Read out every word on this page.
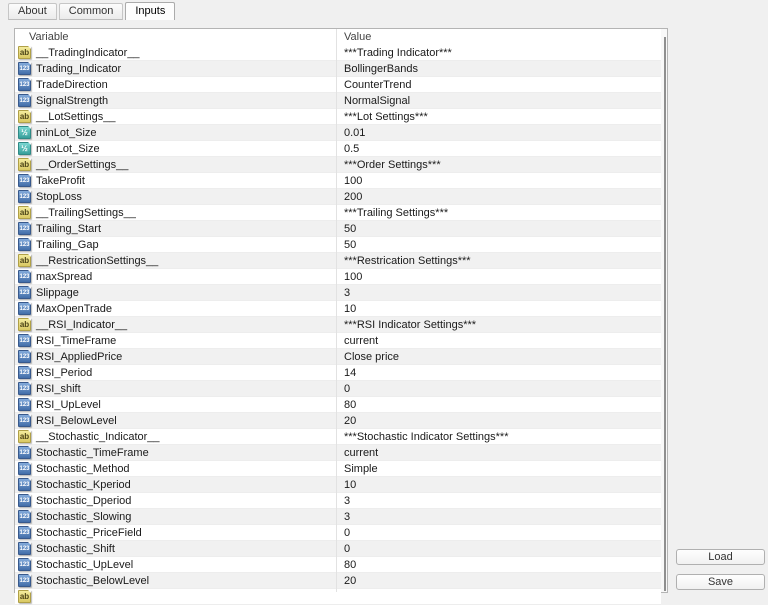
About	Common	Inputs
Variable	Value
ab __TradingIndicator__	***Trading Indicator***
123 Trading_Indicator	BollingerBands
123 TradeDirection	CounterTrend
123 SignalStrength	NormalSignal
ab __LotSettings__	***Lot Settings***
½ minLot_Size	0.01
½ maxLot_Size	0.5
ab __OrderSettings__	***Order Settings***
123 TakeProfit	100
123 StopLoss	200
ab __TrailingSettings__	***Trailing Settings***
123 Trailing_Start	50
123 Trailing_Gap	50
ab __RestricationSettings__	***Restrication Settings***
123 maxSpread	100
123 Slippage	3
123 MaxOpenTrade	10
ab __RSI_Indicator__	***RSI Indicator Settings***
123 RSI_TimeFrame	current
123 RSI_AppliedPrice	Close price
123 RSI_Period	14
123 RSI_shift	0
123 RSI_UpLevel	80
123 RSI_BelowLevel	20
ab __Stochastic_Indicator__	***Stochastic Indicator Settings***
123 Stochastic_TimeFrame	current
123 Stochastic_Method	Simple
123 Stochastic_Kperiod	10
123 Stochastic_Dperiod	3
123 Stochastic_Slowing	3
123 Stochastic_PriceField	0
123 Stochastic_Shift	0
123 Stochastic_UpLevel	80
123 Stochastic_BelowLevel	20
ab
Load
Save
